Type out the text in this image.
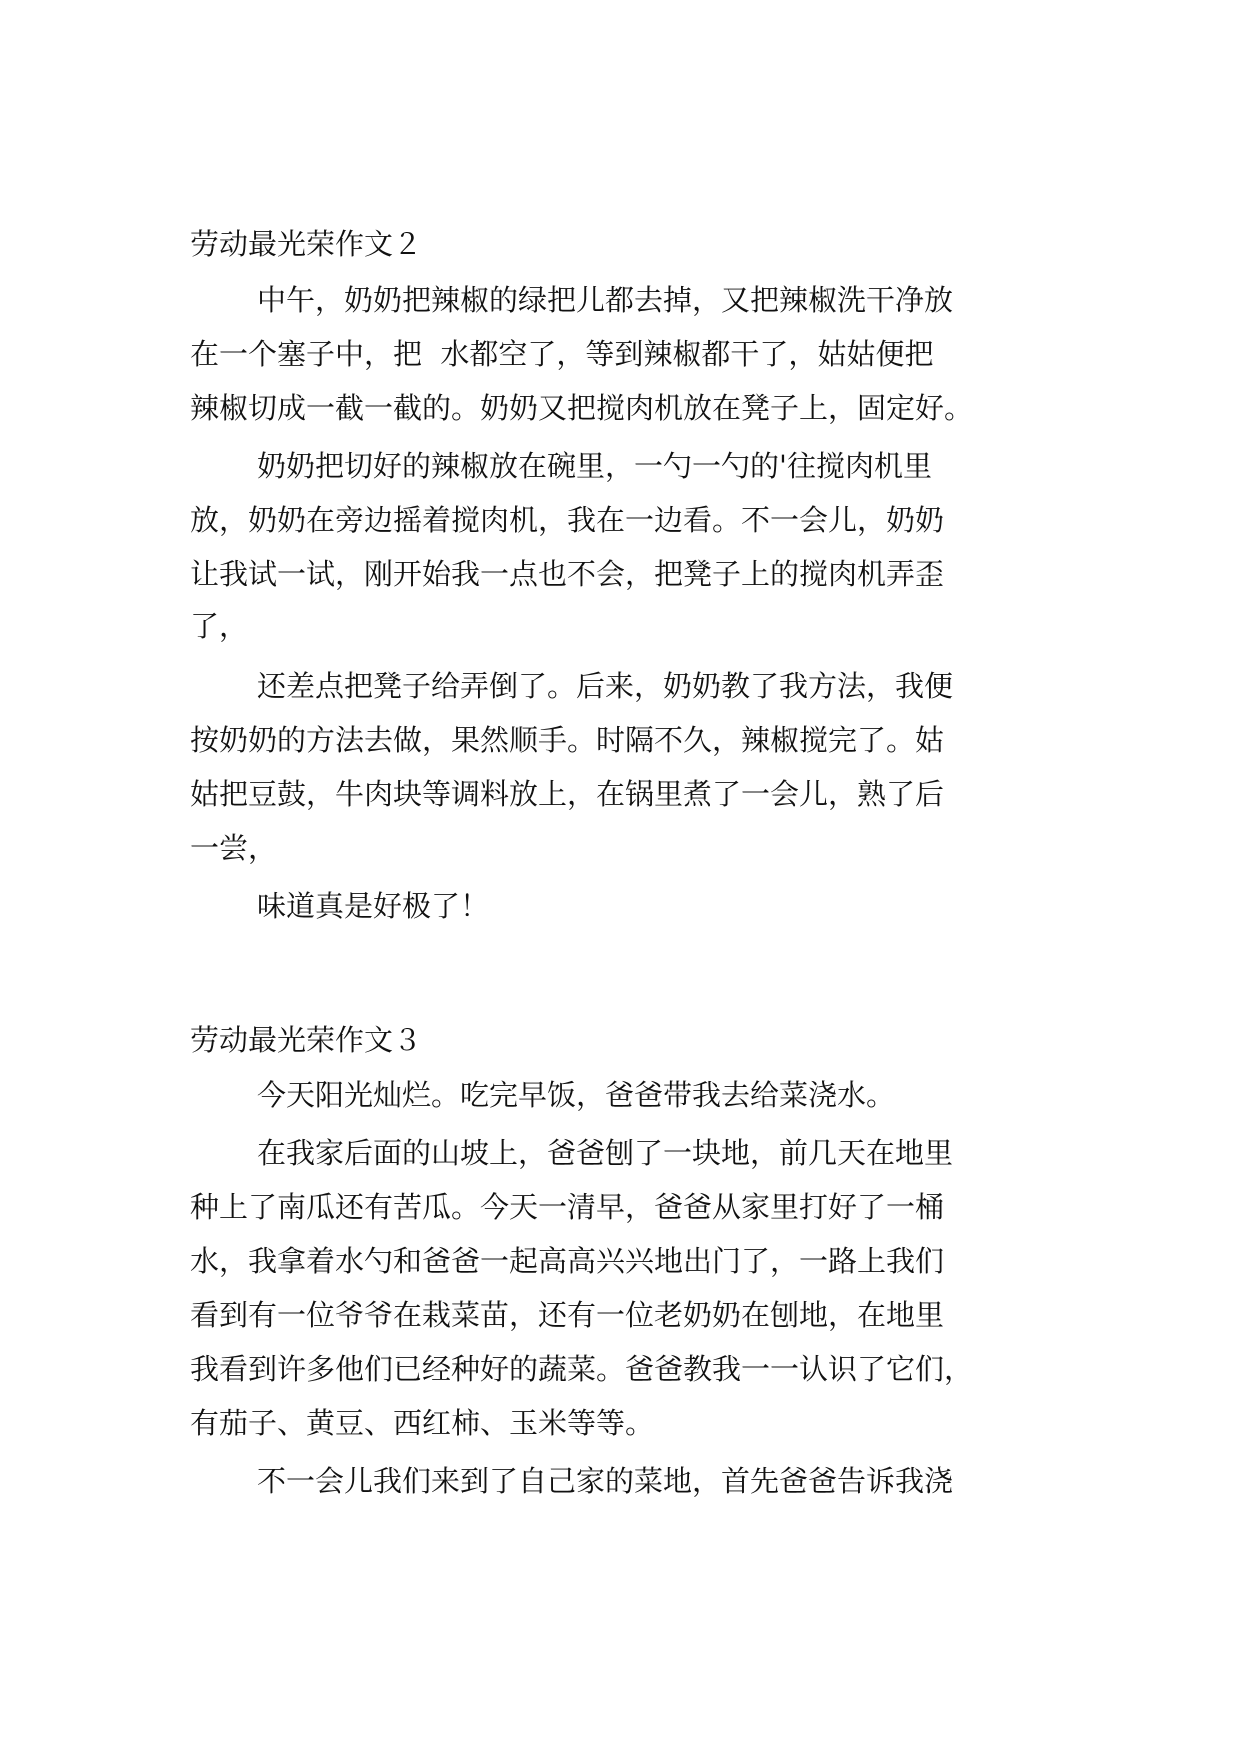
劳动最光荣作文２
中午，奶奶把辣椒的绿把儿都去掉，又把辣椒洗干净放
在一个塞子中，把  水都空了，等到辣椒都干了，姑姑便把
辣椒切成一截一截的。奶奶又把搅肉机放在凳子上，固定好。
奶奶把切好的辣椒放在碗里，一勺一勺的'往搅肉机里
放，奶奶在旁边摇着搅肉机，我在一边看。不一会儿，奶奶
让我试一试，刚开始我一点也不会，把凳子上的搅肉机弄歪
了，
还差点把凳子给弄倒了。后来，奶奶教了我方法，我便
按奶奶的方法去做，果然顺手。时隔不久，辣椒搅完了。姑
姑把豆鼓，牛肉块等调料放上，在锅里煮了一会儿，熟了后
一尝，
味道真是好极了！
劳动最光荣作文３
今天阳光灿烂。吃完早饭，爸爸带我去给菜浇水。
在我家后面的山坡上，爸爸刨了一块地，前几天在地里
种上了南瓜还有苦瓜。今天一清早，爸爸从家里打好了一桶
水，我拿着水勺和爸爸一起高高兴兴地出门了，一路上我们
看到有一位爷爷在栽菜苗，还有一位老奶奶在刨地，在地里
我看到许多他们已经种好的蔬菜。爸爸教我一一认识了它们，
有茄子、黄豆、西红柿、玉米等等。
不一会儿我们来到了自己家的菜地，首先爸爸告诉我浇
